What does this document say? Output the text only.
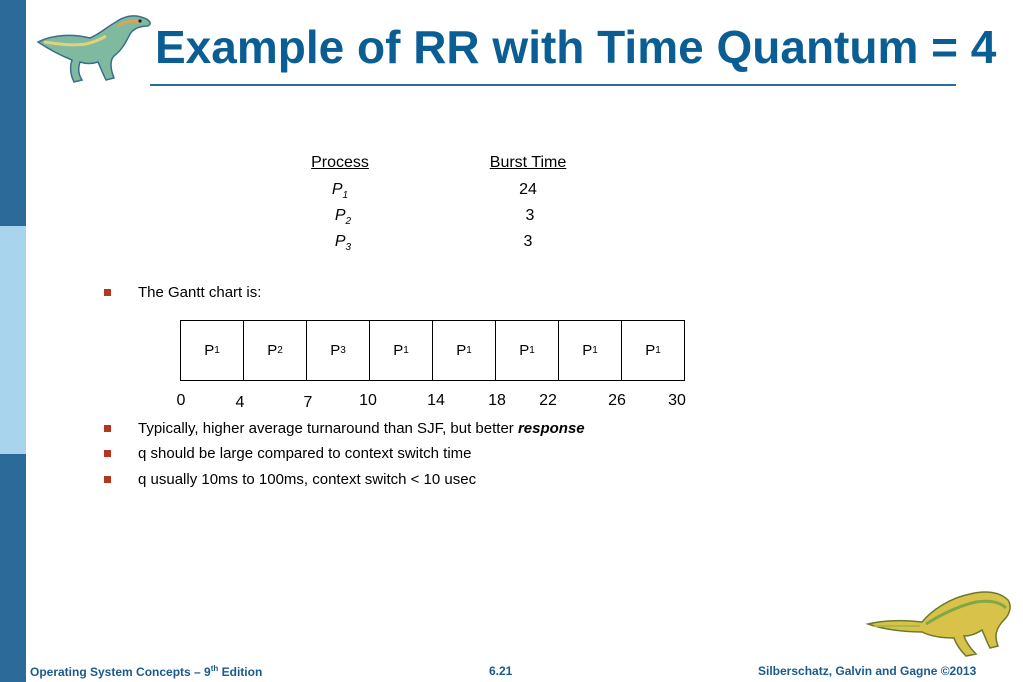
Example of RR with Time Quantum = 4
Process	Burst Time
$P_1$	24
$P_2$	3
$P_3$	3
The Gantt chart is:
P 1	P 2	P 3	P 1	P 1	P 1	P 1	P 1
0	4	7	10	14	18 22	26	30
Typically, higher average turnaround than SJF, but better response
q should be large compared to context switch time
q usually 10ms to 100ms, context switch < 10 usec
Operating System Concepts – 9th Edition	6.21	Silberschatz, Galvin and Gagne ©2013
